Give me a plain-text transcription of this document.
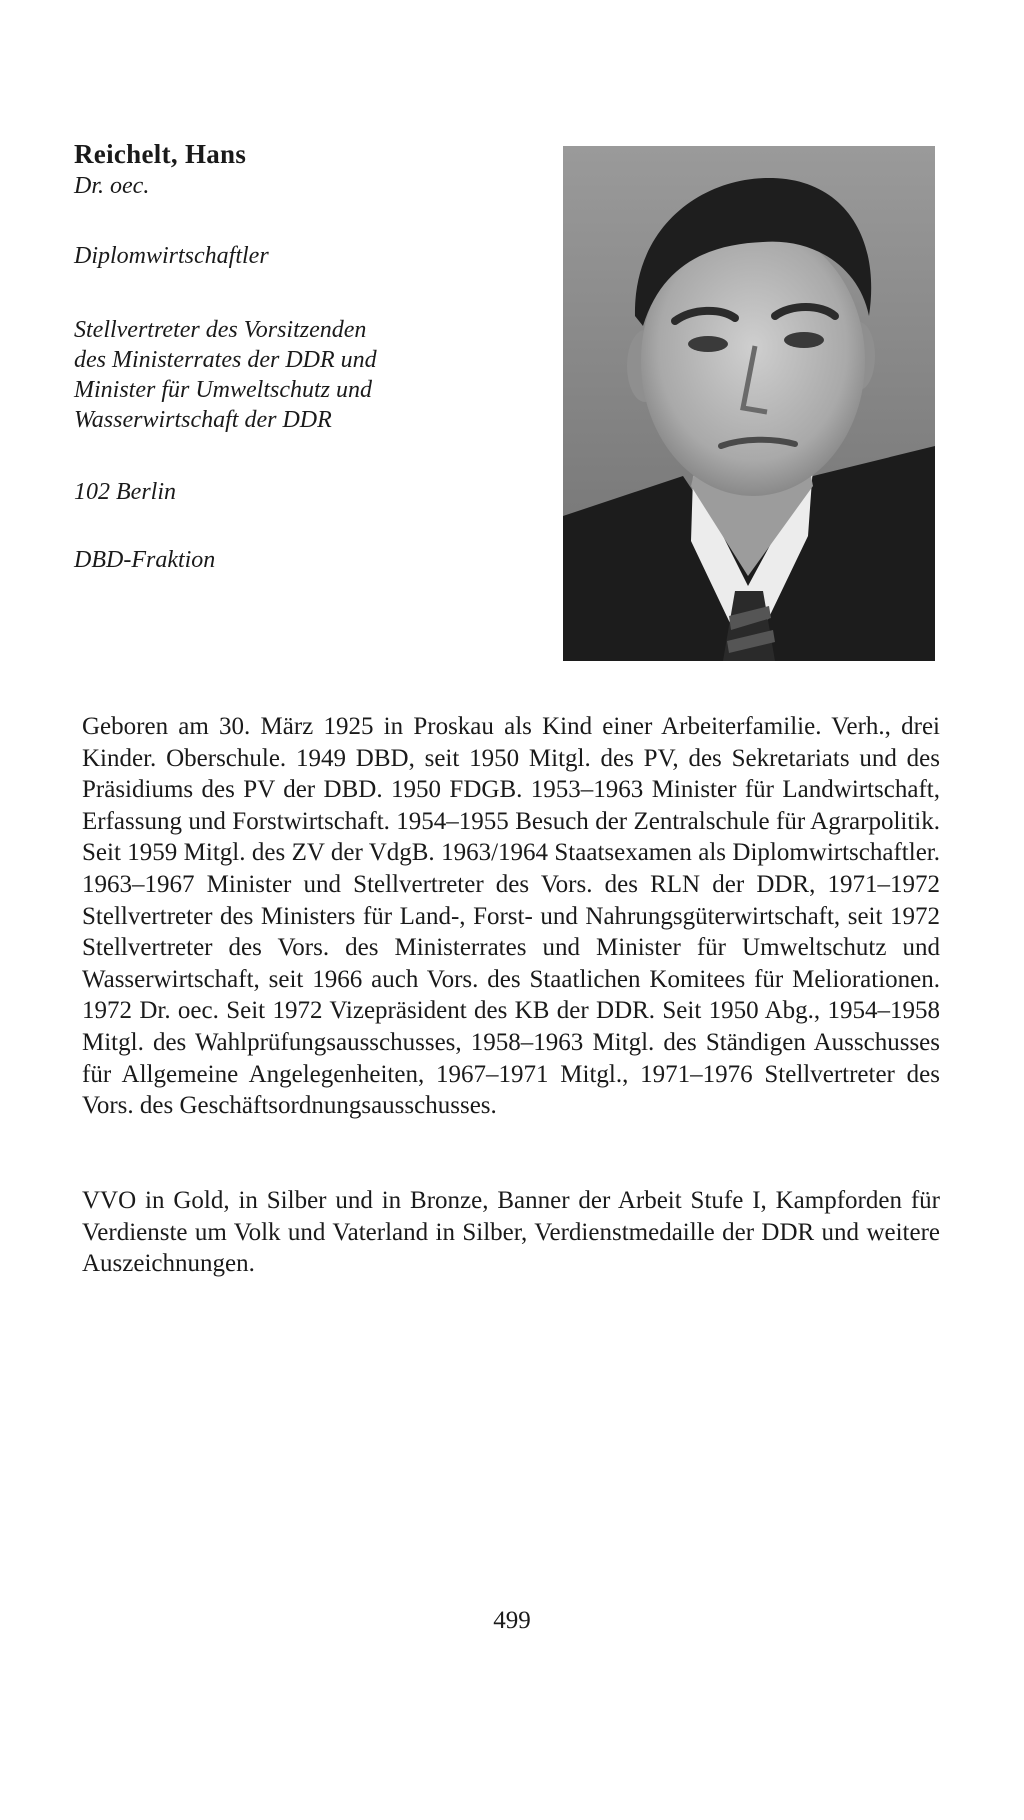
Reichelt, Hans
Dr. oec.
Diplomwirtschaftler
Stellvertreter des Vorsitzenden
des Ministerrates der DDR und
Minister für Umweltschutz und
Wasserwirtschaft der DDR
102 Berlin
DBD-Fraktion

Geboren am 30. März 1925 in Proskau als Kind einer Arbeiterfamilie. Verh., drei Kinder. Oberschule. 1949 DBD, seit 1950 Mitgl. des PV, des Sekretariats und des Präsidiums des PV der DBD. 1950 FDGB. 1953–1963 Minister für Landwirtschaft, Erfassung und Forstwirtschaft. 1954–1955 Besuch der Zentralschule für Agrarpolitik. Seit 1959 Mitgl. des ZV der VdgB. 1963/1964 Staatsexamen als Diplomwirtschaftler. 1963–1967 Minister und Stellvertreter des Vors. des RLN der DDR, 1971–1972 Stellvertreter des Ministers für Land-, Forst- und Nahrungsgüterwirtschaft, seit 1972 Stellvertreter des Vors. des Ministerrates und Minister für Umweltschutz und Wasserwirtschaft, seit 1966 auch Vors. des Staatlichen Komitees für Meliorationen. 1972 Dr. oec. Seit 1972 Vizepräsident des KB der DDR. Seit 1950 Abg., 1954–1958 Mitgl. des Wahlprüfungsausschusses, 1958–1963 Mitgl. des Ständigen Ausschusses für Allgemeine Angelegenheiten, 1967–1971 Mitgl., 1971–1976 Stellvertreter des Vors. des Geschäftsordnungsausschusses.

VVO in Gold, in Silber und in Bronze, Banner der Arbeit Stufe I, Kampforden für Verdienste um Volk und Vaterland in Silber, Verdienstmedaille der DDR und weitere Auszeichnungen.

499
